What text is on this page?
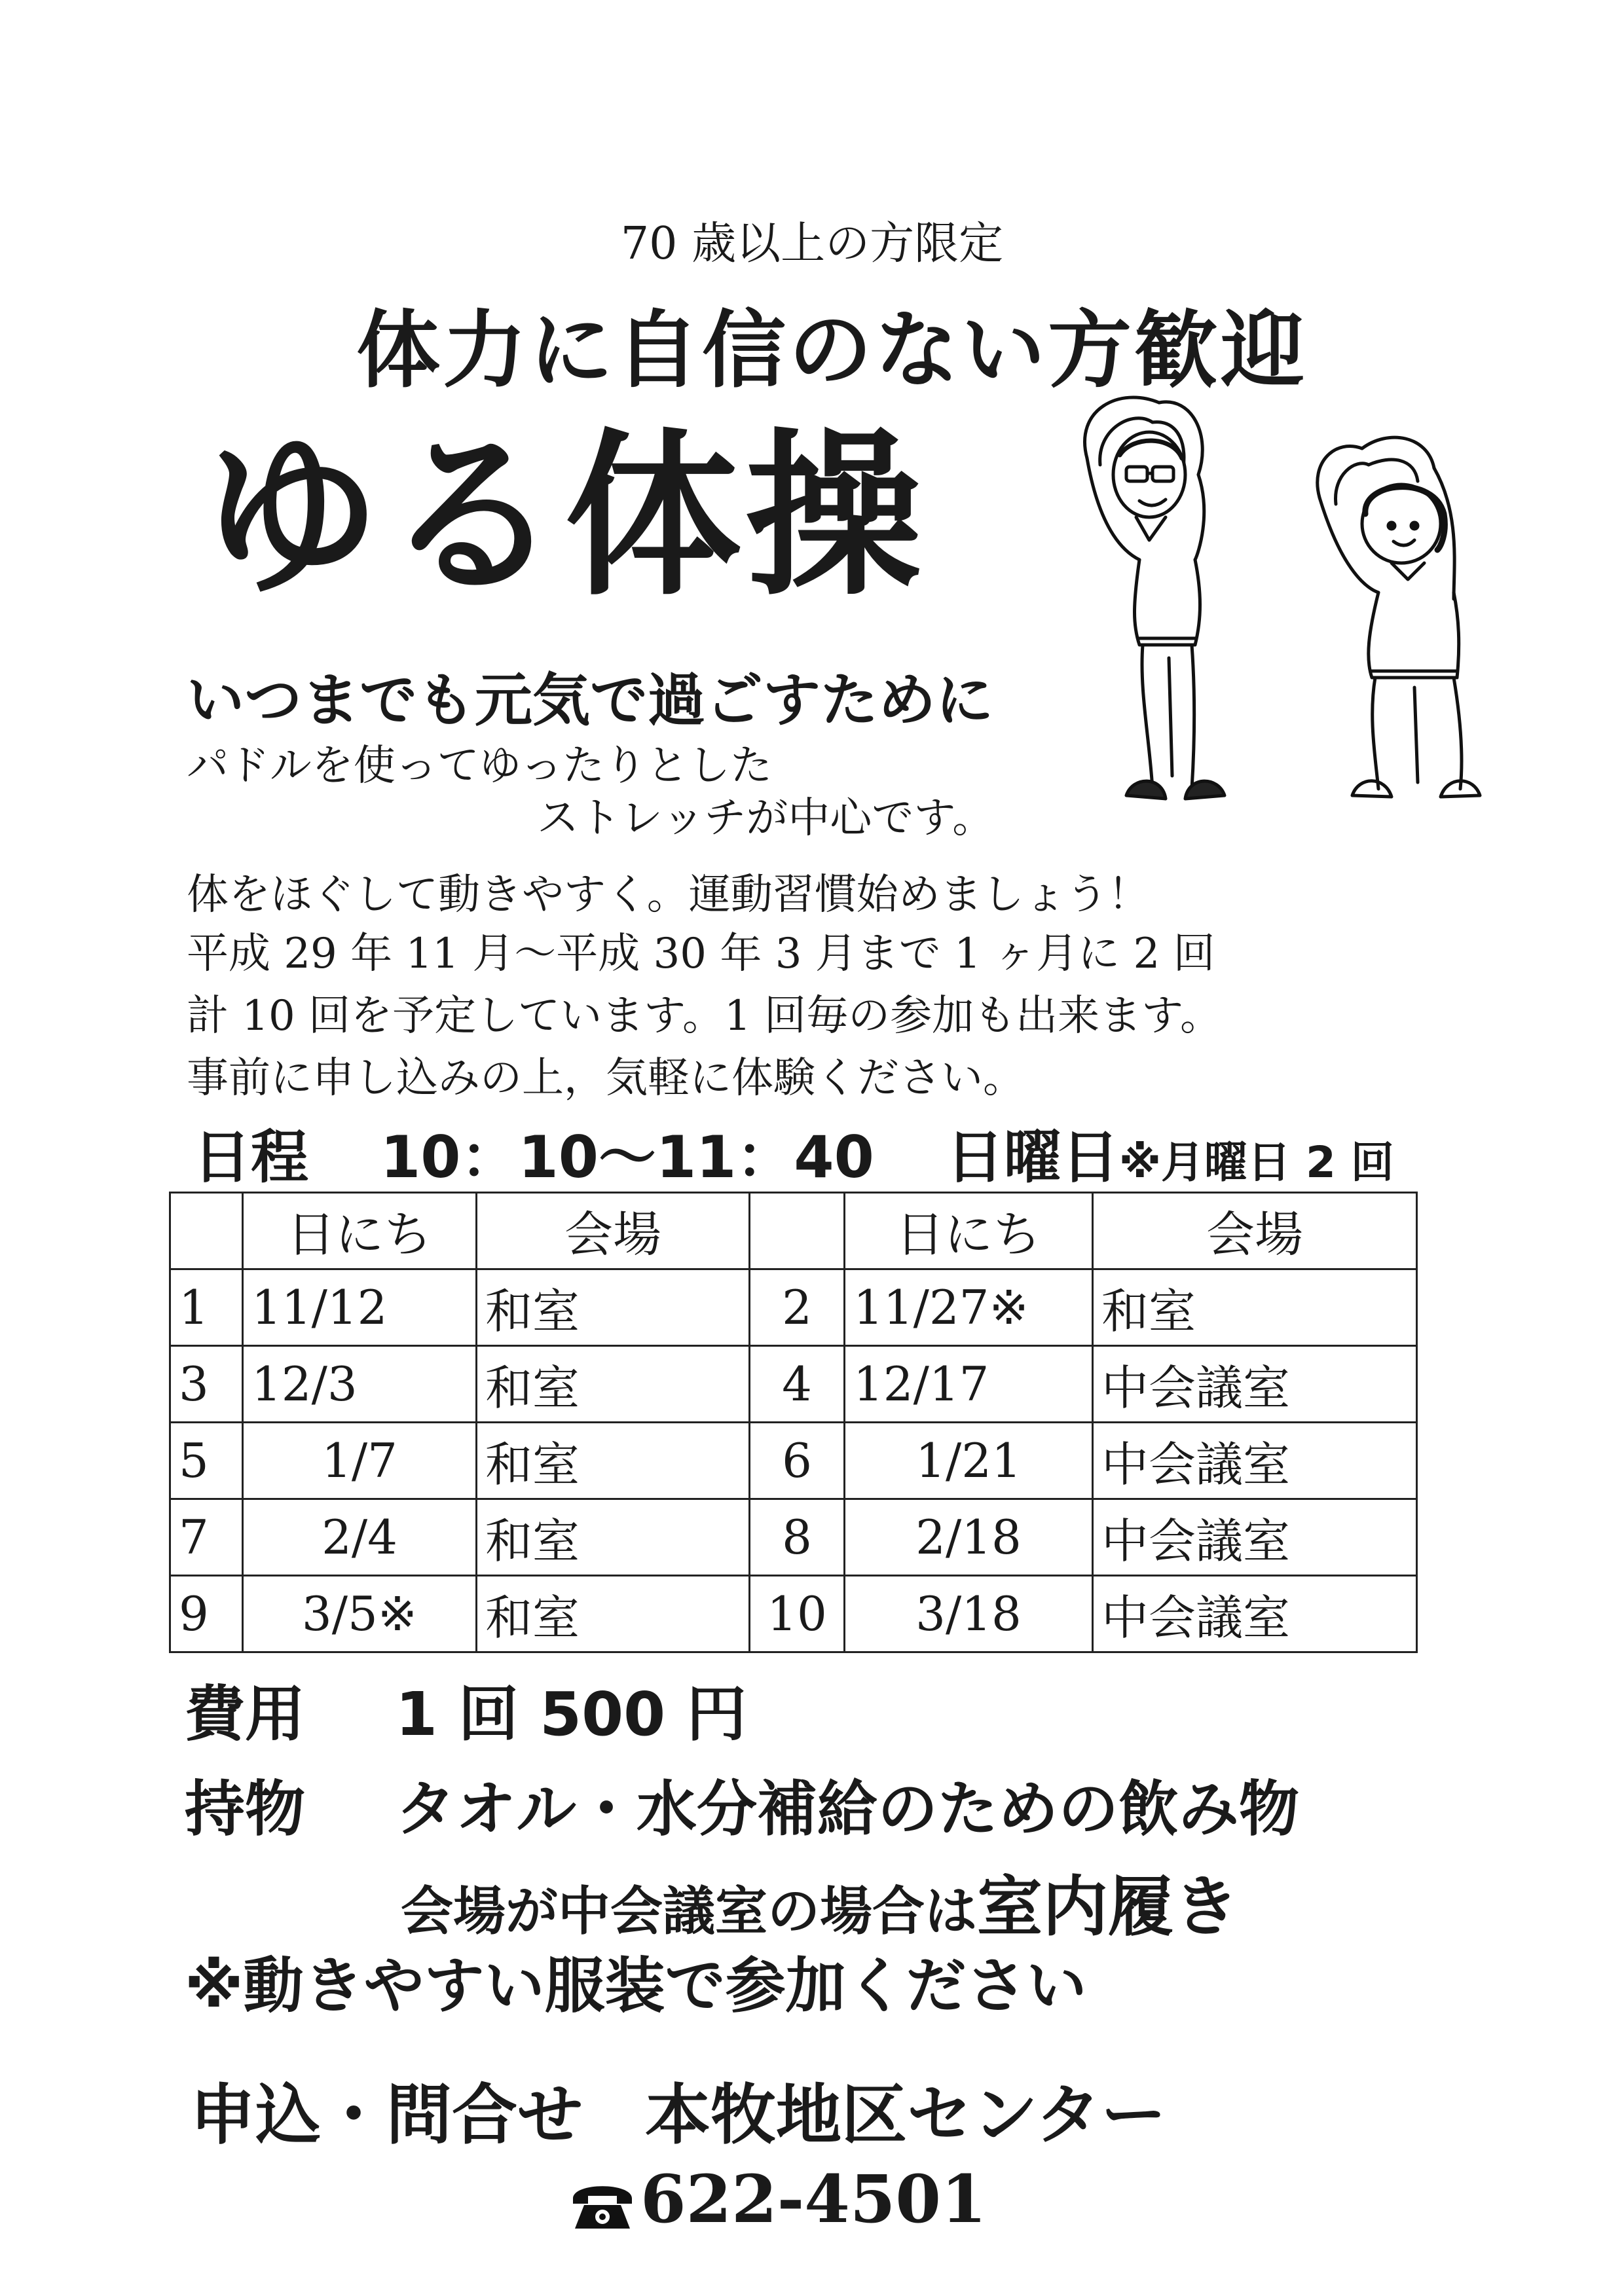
70 歳以上の方限定
体力に自信のない方歓迎
ゆる体操
いつまでも元気で過ごすために
パドルを使ってゆったりとした
ストレッチが中心です。
体をほぐして動きやすく。運動習慣始めましょう！
平成 29 年 11 月～平成 30 年 3 月まで 1 ヶ月に 2 回
計 10 回を予定しています。1 回毎の参加も出来ます。
事前に申し込みの上，気軽に体験ください。
日程 10：10～11：40 日曜日※月曜日 2 回
	日にち	会場		日にち	会場
1	11/12	和室	2	11/27※	和室
3	12/3	和室	4	12/17	中会議室
5	1/7	和室	6	1/21	中会議室
7	2/4	和室	8	2/18	中会議室
9	3/5※	和室	10	3/18	中会議室
費用 1 回 500 円
持物 タオル・水分補給のための飲み物
会場が中会議室の場合は室内履き
※動きやすい服装で参加ください
申込・問合せ 本牧地区センター
622-4501
